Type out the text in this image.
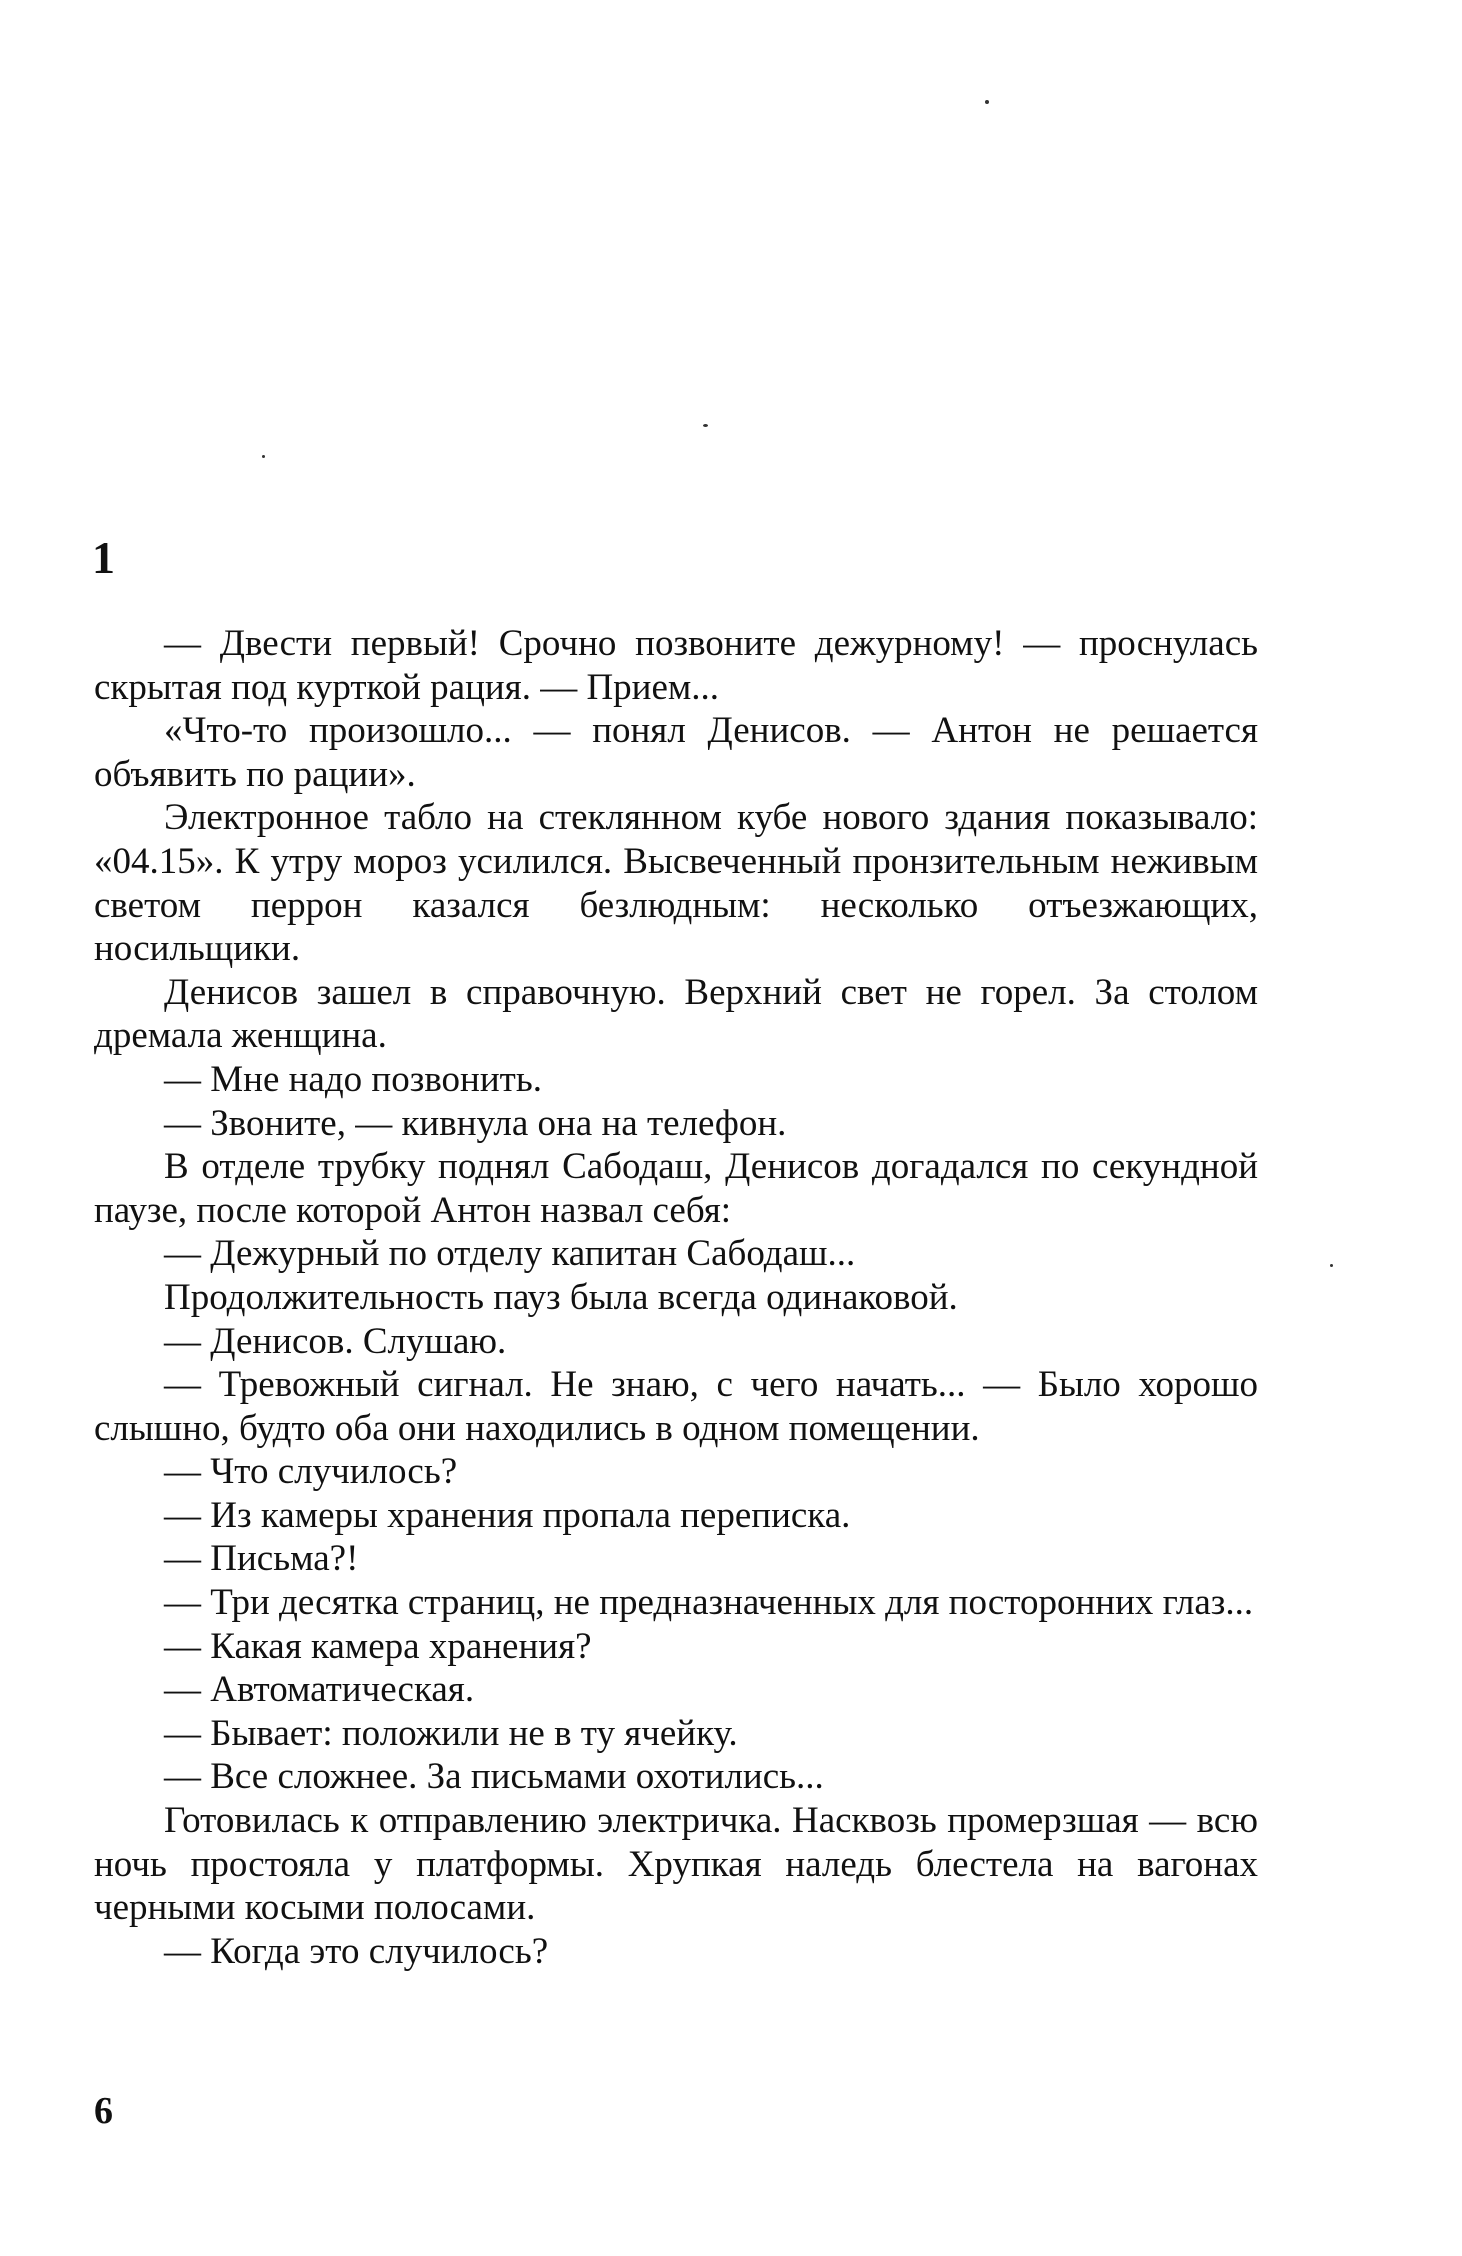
1

— Двести первый! Срочно позвоните дежурному! — проснулась скрытая под курткой рация. — Прием...

«Что-то произошло... — понял Денисов. — Антон не решается объявить по рации».

Электронное табло на стеклянном кубе нового здания показывало: «04.15». К утру мороз усилился. Высвеченный пронзительным неживым светом перрон казался безлюдным: несколько отъезжающих, носильщики.

Денисов зашел в справочную. Верхний свет не горел. За столом дремала женщина.

— Мне надо позвонить.

— Звоните, — кивнула она на телефон.

В отделе трубку поднял Сабодаш, Денисов догадался по секундной паузе, после которой Антон назвал себя:

— Дежурный по отделу капитан Сабодаш...

Продолжительность пауз была всегда одинаковой.

— Денисов. Слушаю.

— Тревожный сигнал. Не знаю, с чего начать... — Было хорошо слышно, будто оба они находились в одном помещении.

— Что случилось?

— Из камеры хранения пропала переписка.

— Письма?!

— Три десятка страниц, не предназначенных для посторонних глаз...

— Какая камера хранения?

— Автоматическая.

— Бывает: положили не в ту ячейку.

— Все сложнее. За письмами охотились...

Готовилась к отправлению электричка. Насквозь промерзшая — всю ночь простояла у платформы. Хрупкая наледь блестела на вагонах черными косыми полосами.

— Когда это случилось?

6
